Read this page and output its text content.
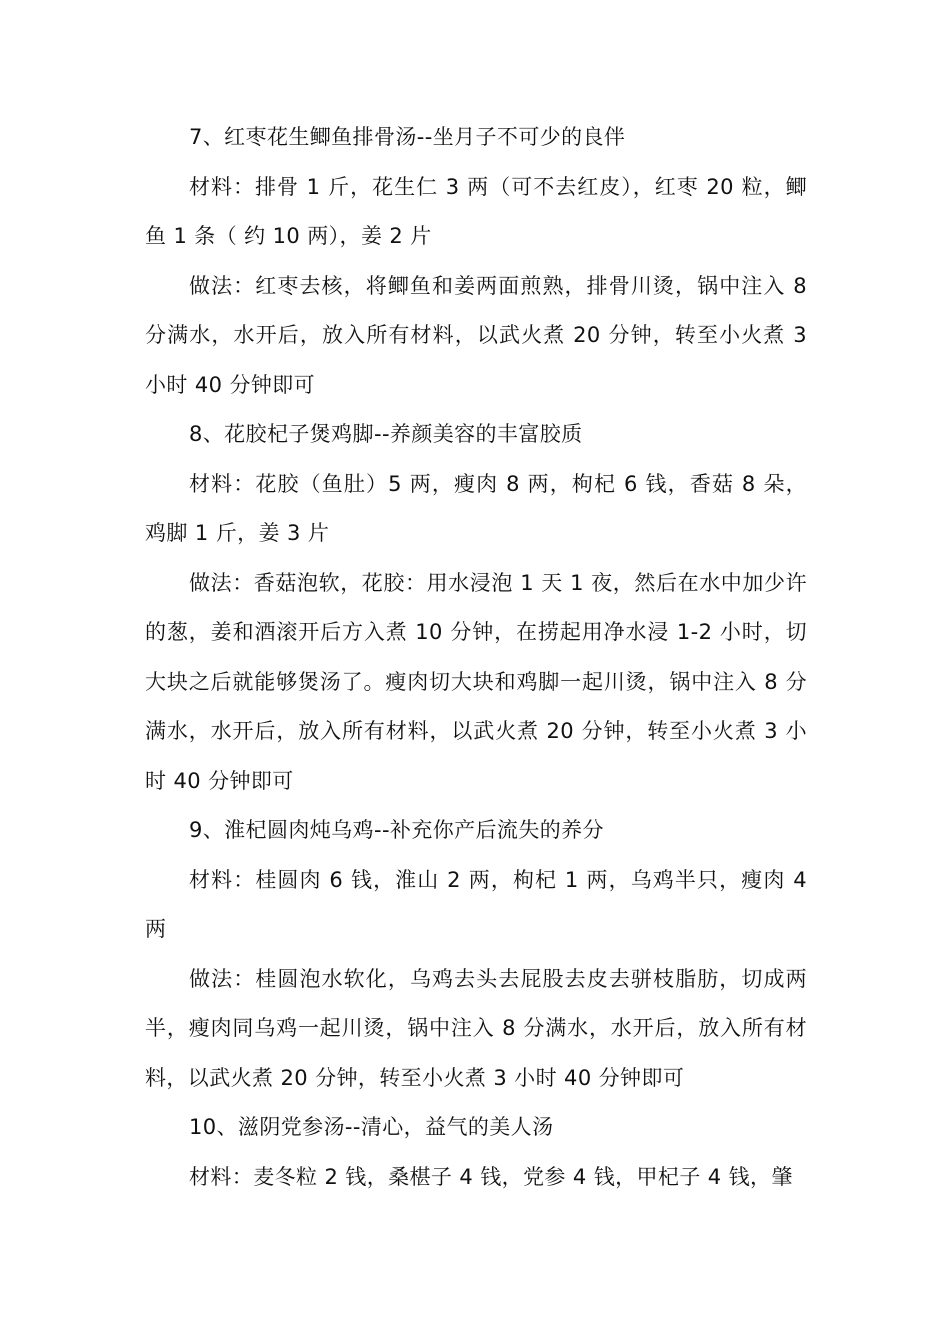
7、红枣花生鲫鱼排骨汤--坐月子不可少的良伴

材料：排骨 1 斤，花生仁 3 两（可不去红皮），红枣 20 粒，鲫鱼 1 条（ 约 10 两），姜 2 片

做法：红枣去核，将鲫鱼和姜两面煎熟，排骨川烫，锅中注入 8 分满水，水开后，放入所有材料，以武火煮 20 分钟，转至小火煮 3 小时 40 分钟即可

8、花胶杞子煲鸡脚--养颜美容的丰富胶质

材料：花胶（鱼肚）5 两，瘦肉 8 两，枸杞 6 钱，香菇 8 朵，鸡脚 1 斤，姜 3 片

做法：香菇泡软，花胶：用水浸泡 1 天 1 夜，然后在水中加少许的葱，姜和酒滚开后方入煮 10 分钟，在捞起用净水浸 1-2 小时，切大块之后就能够煲汤了。瘦肉切大块和鸡脚一起川烫，锅中注入 8 分满水，水开后，放入所有材料，以武火煮 20 分钟，转至小火煮 3 小时 40 分钟即可

9、淮杞圆肉炖乌鸡--补充你产后流失的养分

材料：桂圆肉 6 钱，淮山 2 两，枸杞 1 两，乌鸡半只，瘦肉 4 两

做法：桂圆泡水软化，乌鸡去头去屁股去皮去骈枝脂肪，切成两半，瘦肉同乌鸡一起川烫，锅中注入 8 分满水，水开后，放入所有材料，以武火煮 20 分钟，转至小火煮 3 小时 40 分钟即可

10、滋阴党参汤--清心，益气的美人汤

材料：麦冬粒 2 钱，桑椹子 4 钱，党参 4 钱，甲杞子 4 钱，肇
